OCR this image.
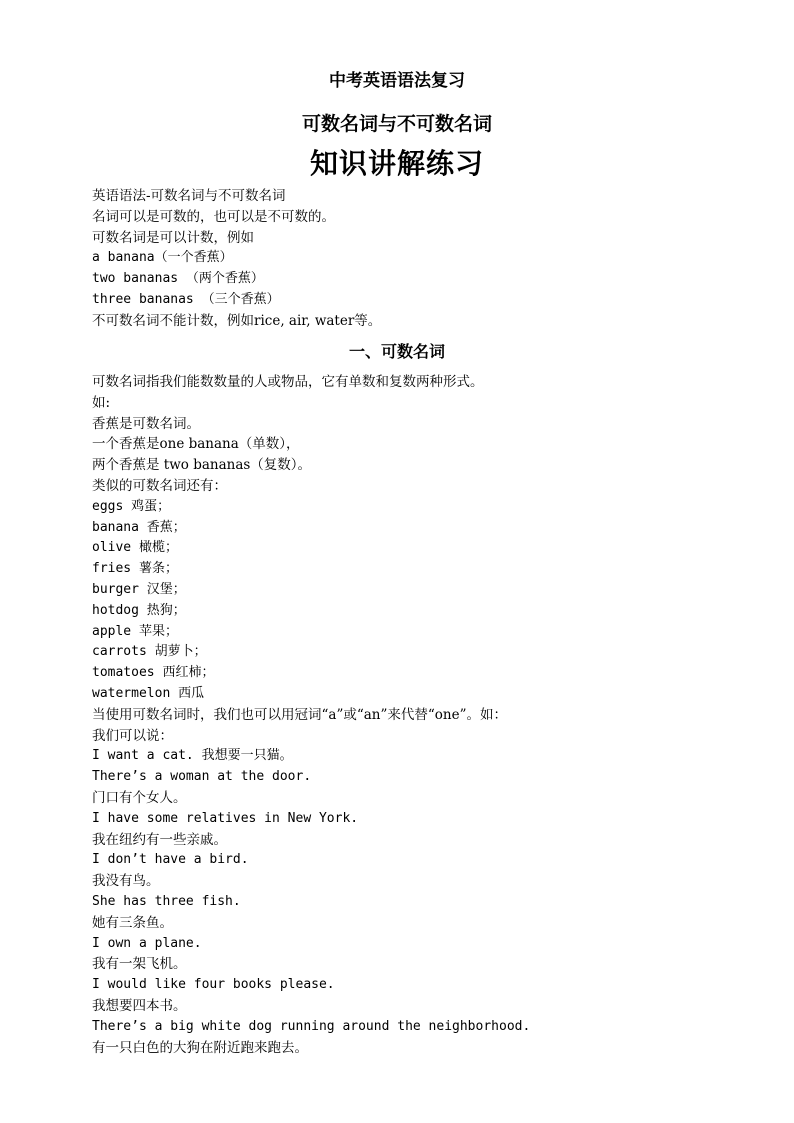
中考英语语法复习
可数名词与不可数名词
知识讲解练习
英语语法-可数名词与不可数名词
名词可以是可数的，也可以是不可数的。
可数名词是可以计数，例如
a banana（一个香蕉）
two bananas （两个香蕉）
three bananas （三个香蕉）
不可数名词不能计数，例如rice, air, water等。
一、可数名词
可数名词指我们能数数量的人或物品，它有单数和复数两种形式。
如:
香蕉是可数名词。
一个香蕉是one banana（单数），
两个香蕉是 two bananas（复数）。
类似的可数名词还有：
eggs 鸡蛋；
banana 香蕉；
olive 橄榄；
fries 薯条；
burger 汉堡；
hotdog 热狗；
apple 苹果；
carrots 胡萝卜；
tomatoes 西红柿；
watermelon 西瓜
当使用可数名词时，我们也可以用冠词“a”或“an”来代替“one”。如：
我们可以说：
I want a cat. 我想要一只猫。
There’s a woman at the door.
门口有个女人。
I have some relatives in New York.
我在纽约有一些亲戚。
I don’t have a bird.
我没有鸟。
She has three fish.
她有三条鱼。
I own a plane.
我有一架飞机。
I would like four books please.
我想要四本书。
There’s a big white dog running around the neighborhood.
有一只白色的大狗在附近跑来跑去。
